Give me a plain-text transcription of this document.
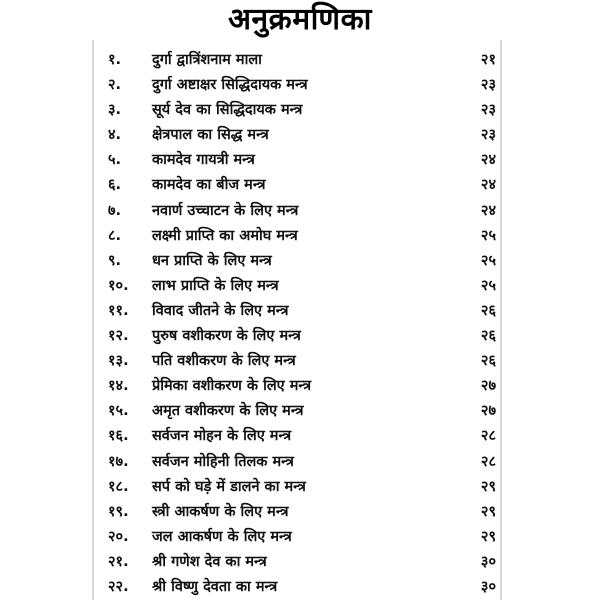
अनुक्रमणिका
१.	दुर्गा द्वात्रिंशनाम माला	२१
२.	दुर्गा अष्टाक्षर सिद्धिदायक मन्त्र	२३
३.	सूर्य देव का सिद्धिदायक मन्त्र	२३
४.	क्षेत्रपाल का सिद्ध मन्त्र	२३
५.	कामदेव गायत्री मन्त्र	२४
६.	कामदेव का बीज मन्त्र	२४
७.	नवार्ण उच्चाटन के लिए मन्त्र	२४
८.	लक्ष्मी प्राप्ति का अमोघ मन्त्र	२५
९.	धन प्राप्ति के लिए मन्त्र	२५
१०.	लाभ प्राप्ति के लिए मन्त्र	२५
११.	विवाद जीतने के लिए मन्त्र	२६
१२.	पुरुष वशीकरण के लिए मन्त्र	२६
१३.	पति वशीकरण के लिए मन्त्र	२६
१४.	प्रेमिका वशीकरण के लिए मन्त्र	२७
१५.	अमृत वशीकरण के लिए मन्त्र	२७
१६.	सर्वजन मोहन के लिए मन्त्र	२८
१७.	सर्वजन मोहिनी तिलक मन्त्र	२८
१८.	सर्प को घड़े में डालने का मन्त्र	२९
१९.	स्त्री आकर्षण के लिए मन्त्र	२९
२०.	जल आकर्षण के लिए मन्त्र	२९
२१.	श्री गणेश देव का मन्त्र	३०
२२.	श्री विष्णु देवता का मन्त्र	३०
